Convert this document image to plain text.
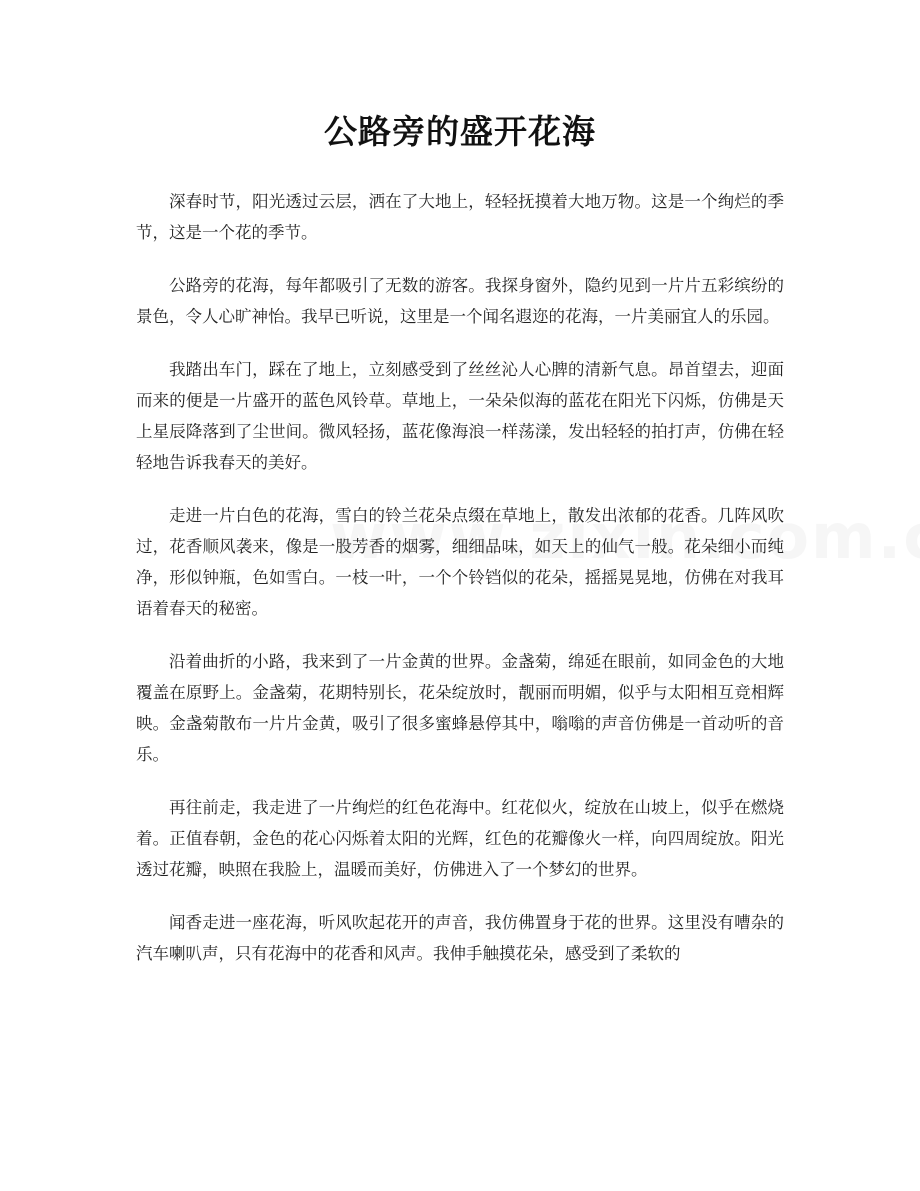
公路旁的盛开花海

深春时节，阳光透过云层，洒在了大地上，轻轻抚摸着大地万物。这是一个绚烂的季节，这是一个花的季节。

公路旁的花海，每年都吸引了无数的游客。我探身窗外，隐约见到一片片五彩缤纷的景色，令人心旷神怡。我早已听说，这里是一个闻名遐迩的花海，一片美丽宜人的乐园。

我踏出车门，踩在了地上，立刻感受到了丝丝沁人心脾的清新气息。昂首望去，迎面而来的便是一片盛开的蓝色风铃草。草地上，一朵朵似海的蓝花在阳光下闪烁，仿佛是天上星辰降落到了尘世间。微风轻扬，蓝花像海浪一样荡漾，发出轻轻的拍打声，仿佛在轻轻地告诉我春天的美好。

走进一片白色的花海，雪白的铃兰花朵点缀在草地上，散发出浓郁的花香。几阵风吹过，花香顺风袭来，像是一股芳香的烟雾，细细品味，如天上的仙气一般。花朵细小而纯净，形似钟瓶，色如雪白。一枝一叶，一个个铃铛似的花朵，摇摇晃晃地，仿佛在对我耳语着春天的秘密。

沿着曲折的小路，我来到了一片金黄的世界。金盏菊，绵延在眼前，如同金色的大地覆盖在原野上。金盏菊，花期特别长，花朵绽放时，靓丽而明媚，似乎与太阳相互竞相辉映。金盏菊散布一片片金黄，吸引了很多蜜蜂悬停其中，嗡嗡的声音仿佛是一首动听的音乐。

再往前走，我走进了一片绚烂的红色花海中。红花似火，绽放在山坡上，似乎在燃烧着。正值春朝，金色的花心闪烁着太阳的光辉，红色的花瓣像火一样，向四周绽放。阳光透过花瓣，映照在我脸上，温暖而美好，仿佛进入了一个梦幻的世界。

闻香走进一座花海，听风吹起花开的声音，我仿佛置身于花的世界。这里没有嘈杂的汽车喇叭声，只有花海中的花香和风声。我伸手触摸花朵，感受到了柔软的
